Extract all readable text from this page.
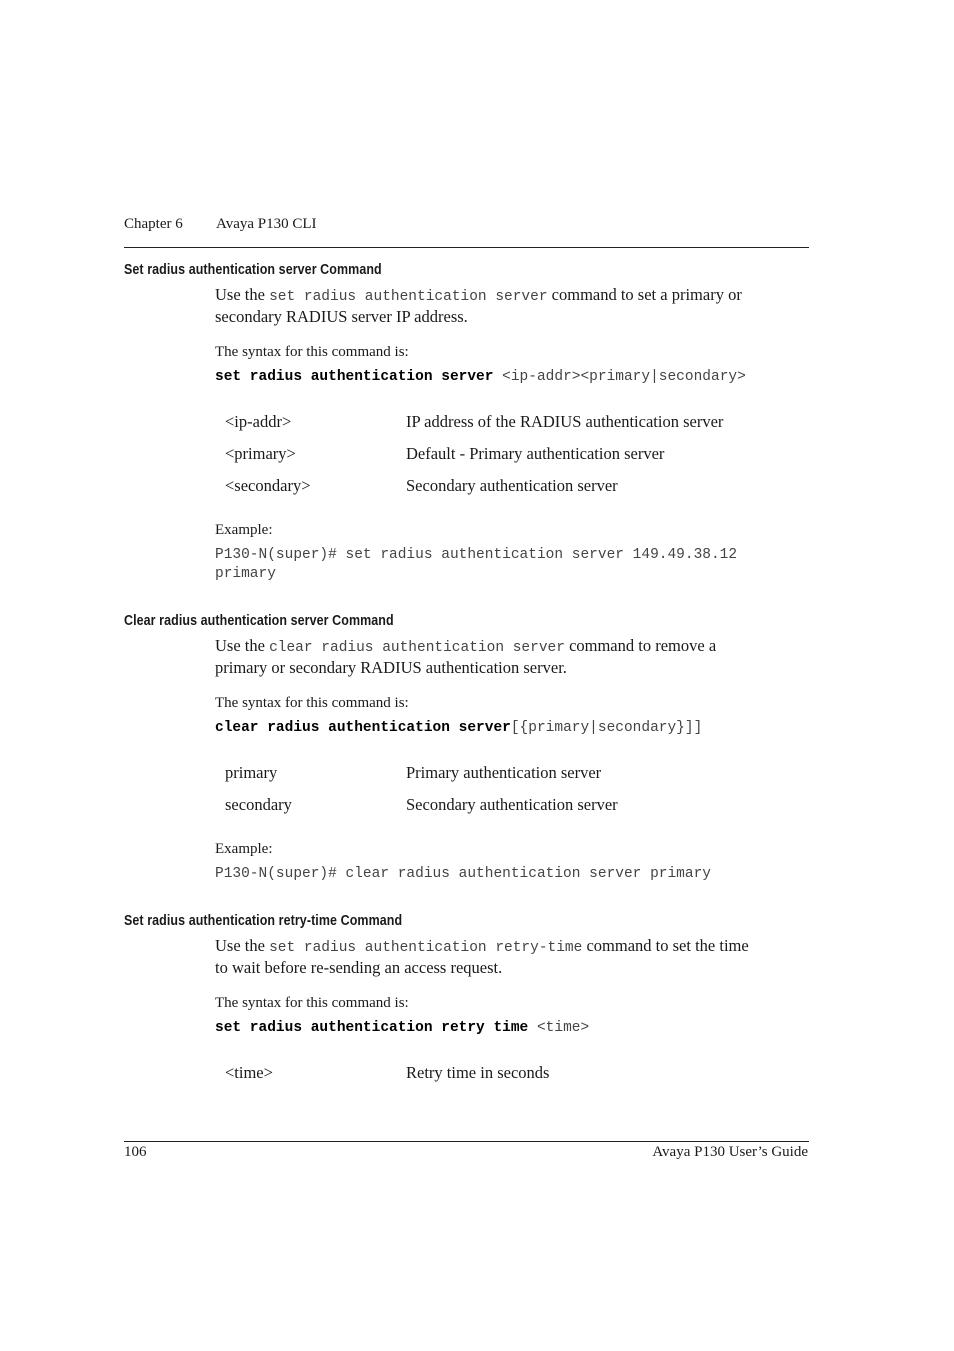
Chapter 6 Avaya P130 CLI
Set radius authentication server Command
Use the set radius authentication server command to set a primary or
secondary RADIUS server IP address.
The syntax for this command is:
set radius authentication server <ip-addr><primary|secondary>
<ip-addr>	IP address of the RADIUS authentication server
<primary>	Default - Primary authentication server
<secondary>	Secondary authentication server
Example:
P130-N(super)# set radius authentication server 149.49.38.12
primary
Clear radius authentication server Command
Use the clear radius authentication server command to remove a
primary or secondary RADIUS authentication server.
The syntax for this command is:
clear radius authentication server[{primary|secondary}]]
primary	Primary authentication server
secondary	Secondary authentication server
Example:
P130-N(super)# clear radius authentication server primary
Set radius authentication retry-time Command
Use the set radius authentication retry-time command to set the time
to wait before re-sending an access request.
The syntax for this command is:
set radius authentication retry time <time>
<time>	Retry time in seconds
106	Avaya P130 User’s Guide
